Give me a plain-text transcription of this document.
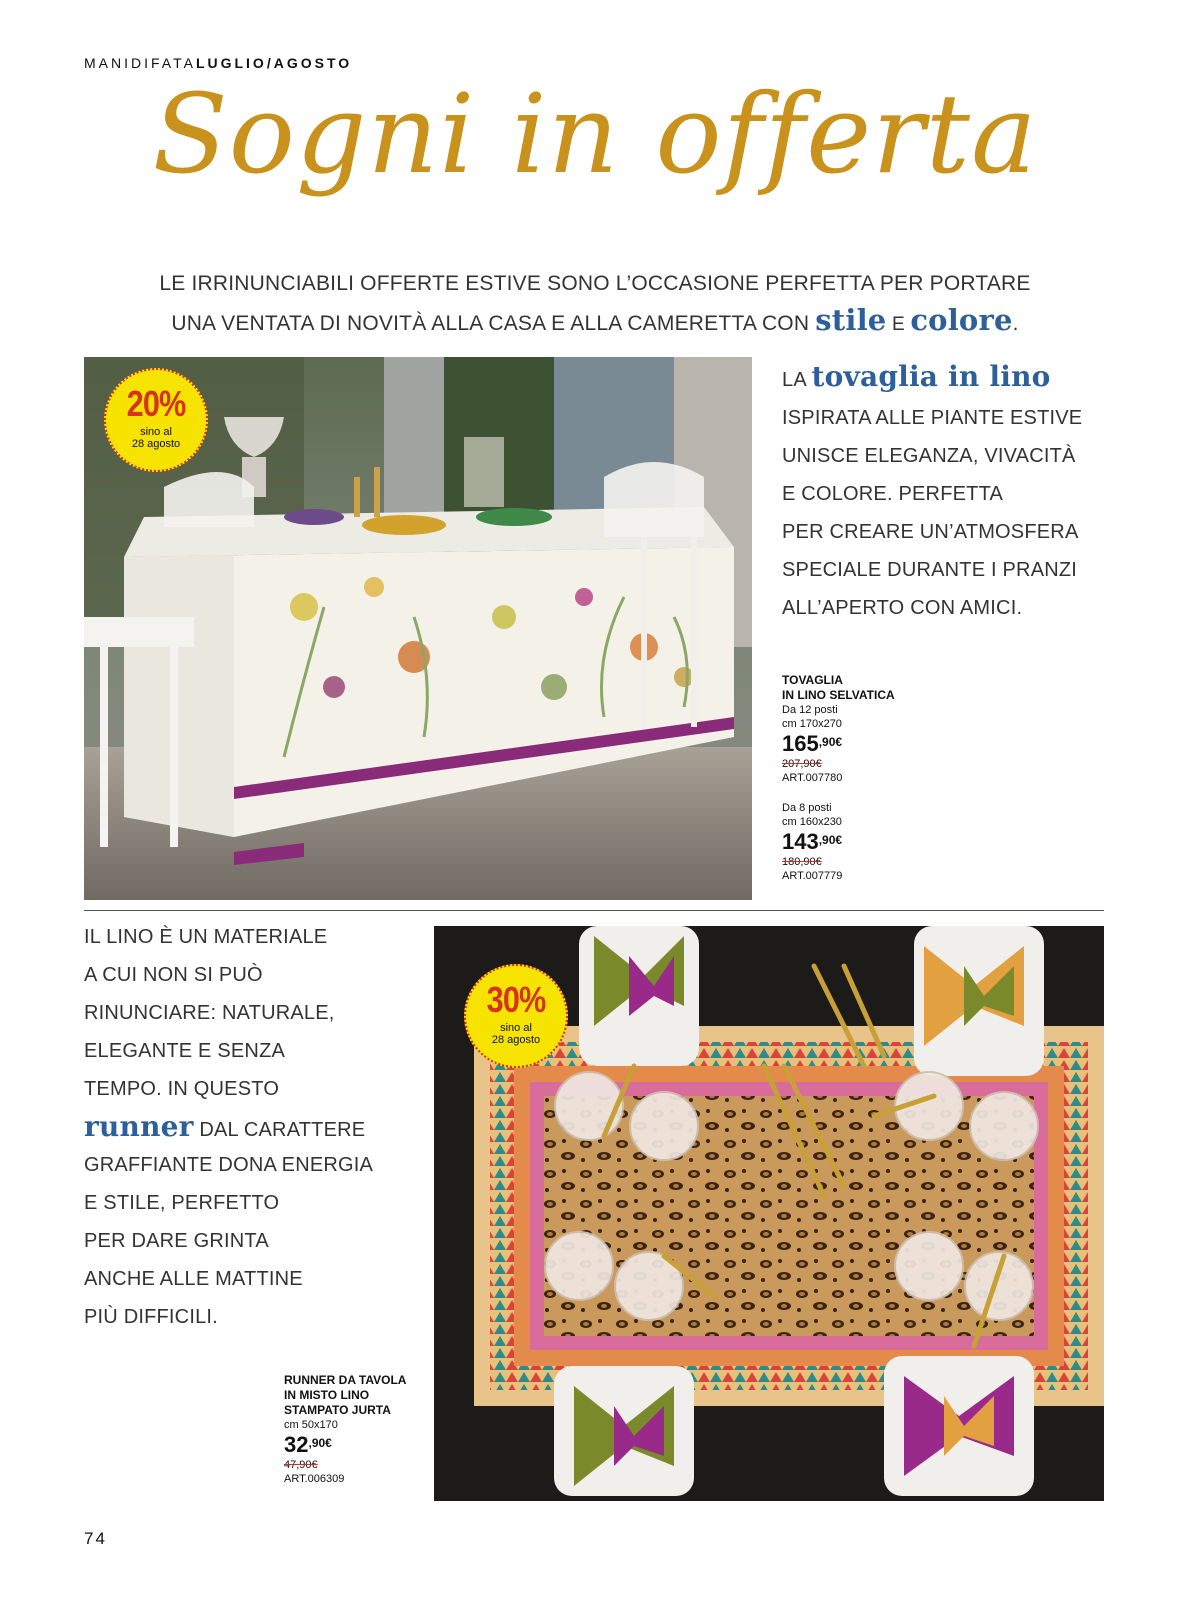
MANIDIFATALUGLIO/AGOSTO
Sogni in offerta
LE IRRINUNCIABILI OFFERTE ESTIVE SONO L’OCCASIONE PERFETTA PER PORTARE
UNA VENTATA DI NOVITÀ ALLA CASA E ALLA CAMERETTA CON stile E colore.
20%
sino al
28 agosto
LA tovaglia in lino
ISPIRATA ALLE PIANTE ESTIVE
UNISCE ELEGANZA, VIVACITÀ
E COLORE. PERFETTA
PER CREARE UN’ATMOSFERA
SPECIALE DURANTE I PRANZI
ALL’APERTO CON AMICI.
TOVAGLIA
IN LINO SELVATICA
Da 12 posti
cm 170x270
$165^{,90€}$
207,90€
ART.007780
Da 8 posti
cm 160x230
$143^{,90€}$
180,90€
ART.007779
IL LINO È UN MATERIALE
A CUI NON SI PUÒ
RINUNCIARE: NATURALE,
ELEGANTE E SENZA
TEMPO. IN QUESTO
runner DAL CARATTERE
GRAFFIANTE DONA ENERGIA
E STILE, PERFETTO
PER DARE GRINTA
ANCHE ALLE MATTINE
PIÙ DIFFICILI.
30%
sino al
28 agosto
RUNNER DA TAVOLA
IN MISTO LINO
STAMPATO JURTA
cm 50x170
$32^{,90€}$
47,90€
ART.006309
74
